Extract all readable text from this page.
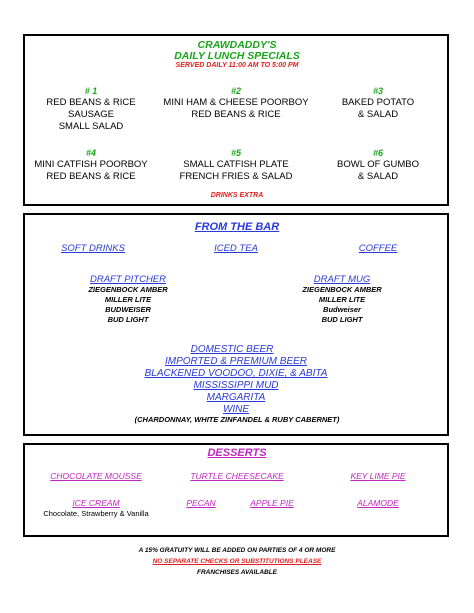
CRAWDADDY'S
DAILY LUNCH SPECIALS
SERVED DAILY 11:00 AM TO 5:00 PM
# 1
RED BEANS & RICE
SAUSAGE
SMALL SALAD
#2
MINI HAM & CHEESE POORBOY
RED BEANS & RICE
#3
BAKED POTATO
& SALAD
#4
MINI CATFISH POORBOY
RED BEANS & RICE
#5
SMALL CATFISH PLATE
FRENCH FRIES & SALAD
#6
BOWL OF GUMBO
& SALAD
DRINKS EXTRA
FROM THE BAR
SOFT DRINKS	ICED TEA	COFFEE
DRAFT PITCHER
ZIEGENBOCK AMBER
MILLER LITE
BUDWEISER
BUD LIGHT
DRAFT MUG
ZIEGENBOCK AMBER
MILLER LITE
Budweiser
BUD LIGHT
DOMESTIC BEER
IMPORTED & PREMIUM BEER
BLACKENED VOODOO, DIXIE, & ABITA
MISSISSIPPI MUD
MARGARITA
WINE
(CHARDONNAY, WHITE ZINFANDEL & RUBY CABERNET)
DESSERTS
CHOCOLATE MOUSSE	TURTLE CHEESECAKE	KEY LIME PIE
ICE CREAM	PECAN	APPLE PIE	ALAMODE
Chocolate, Strawberry & Vanilla
A 15% GRATUITY WILL BE ADDED ON PARTIES OF 4 OR MORE
NO SEPARATE CHECKS OR SUBSTITUTIONS PLEASE
FRANCHISES AVAILABLE
